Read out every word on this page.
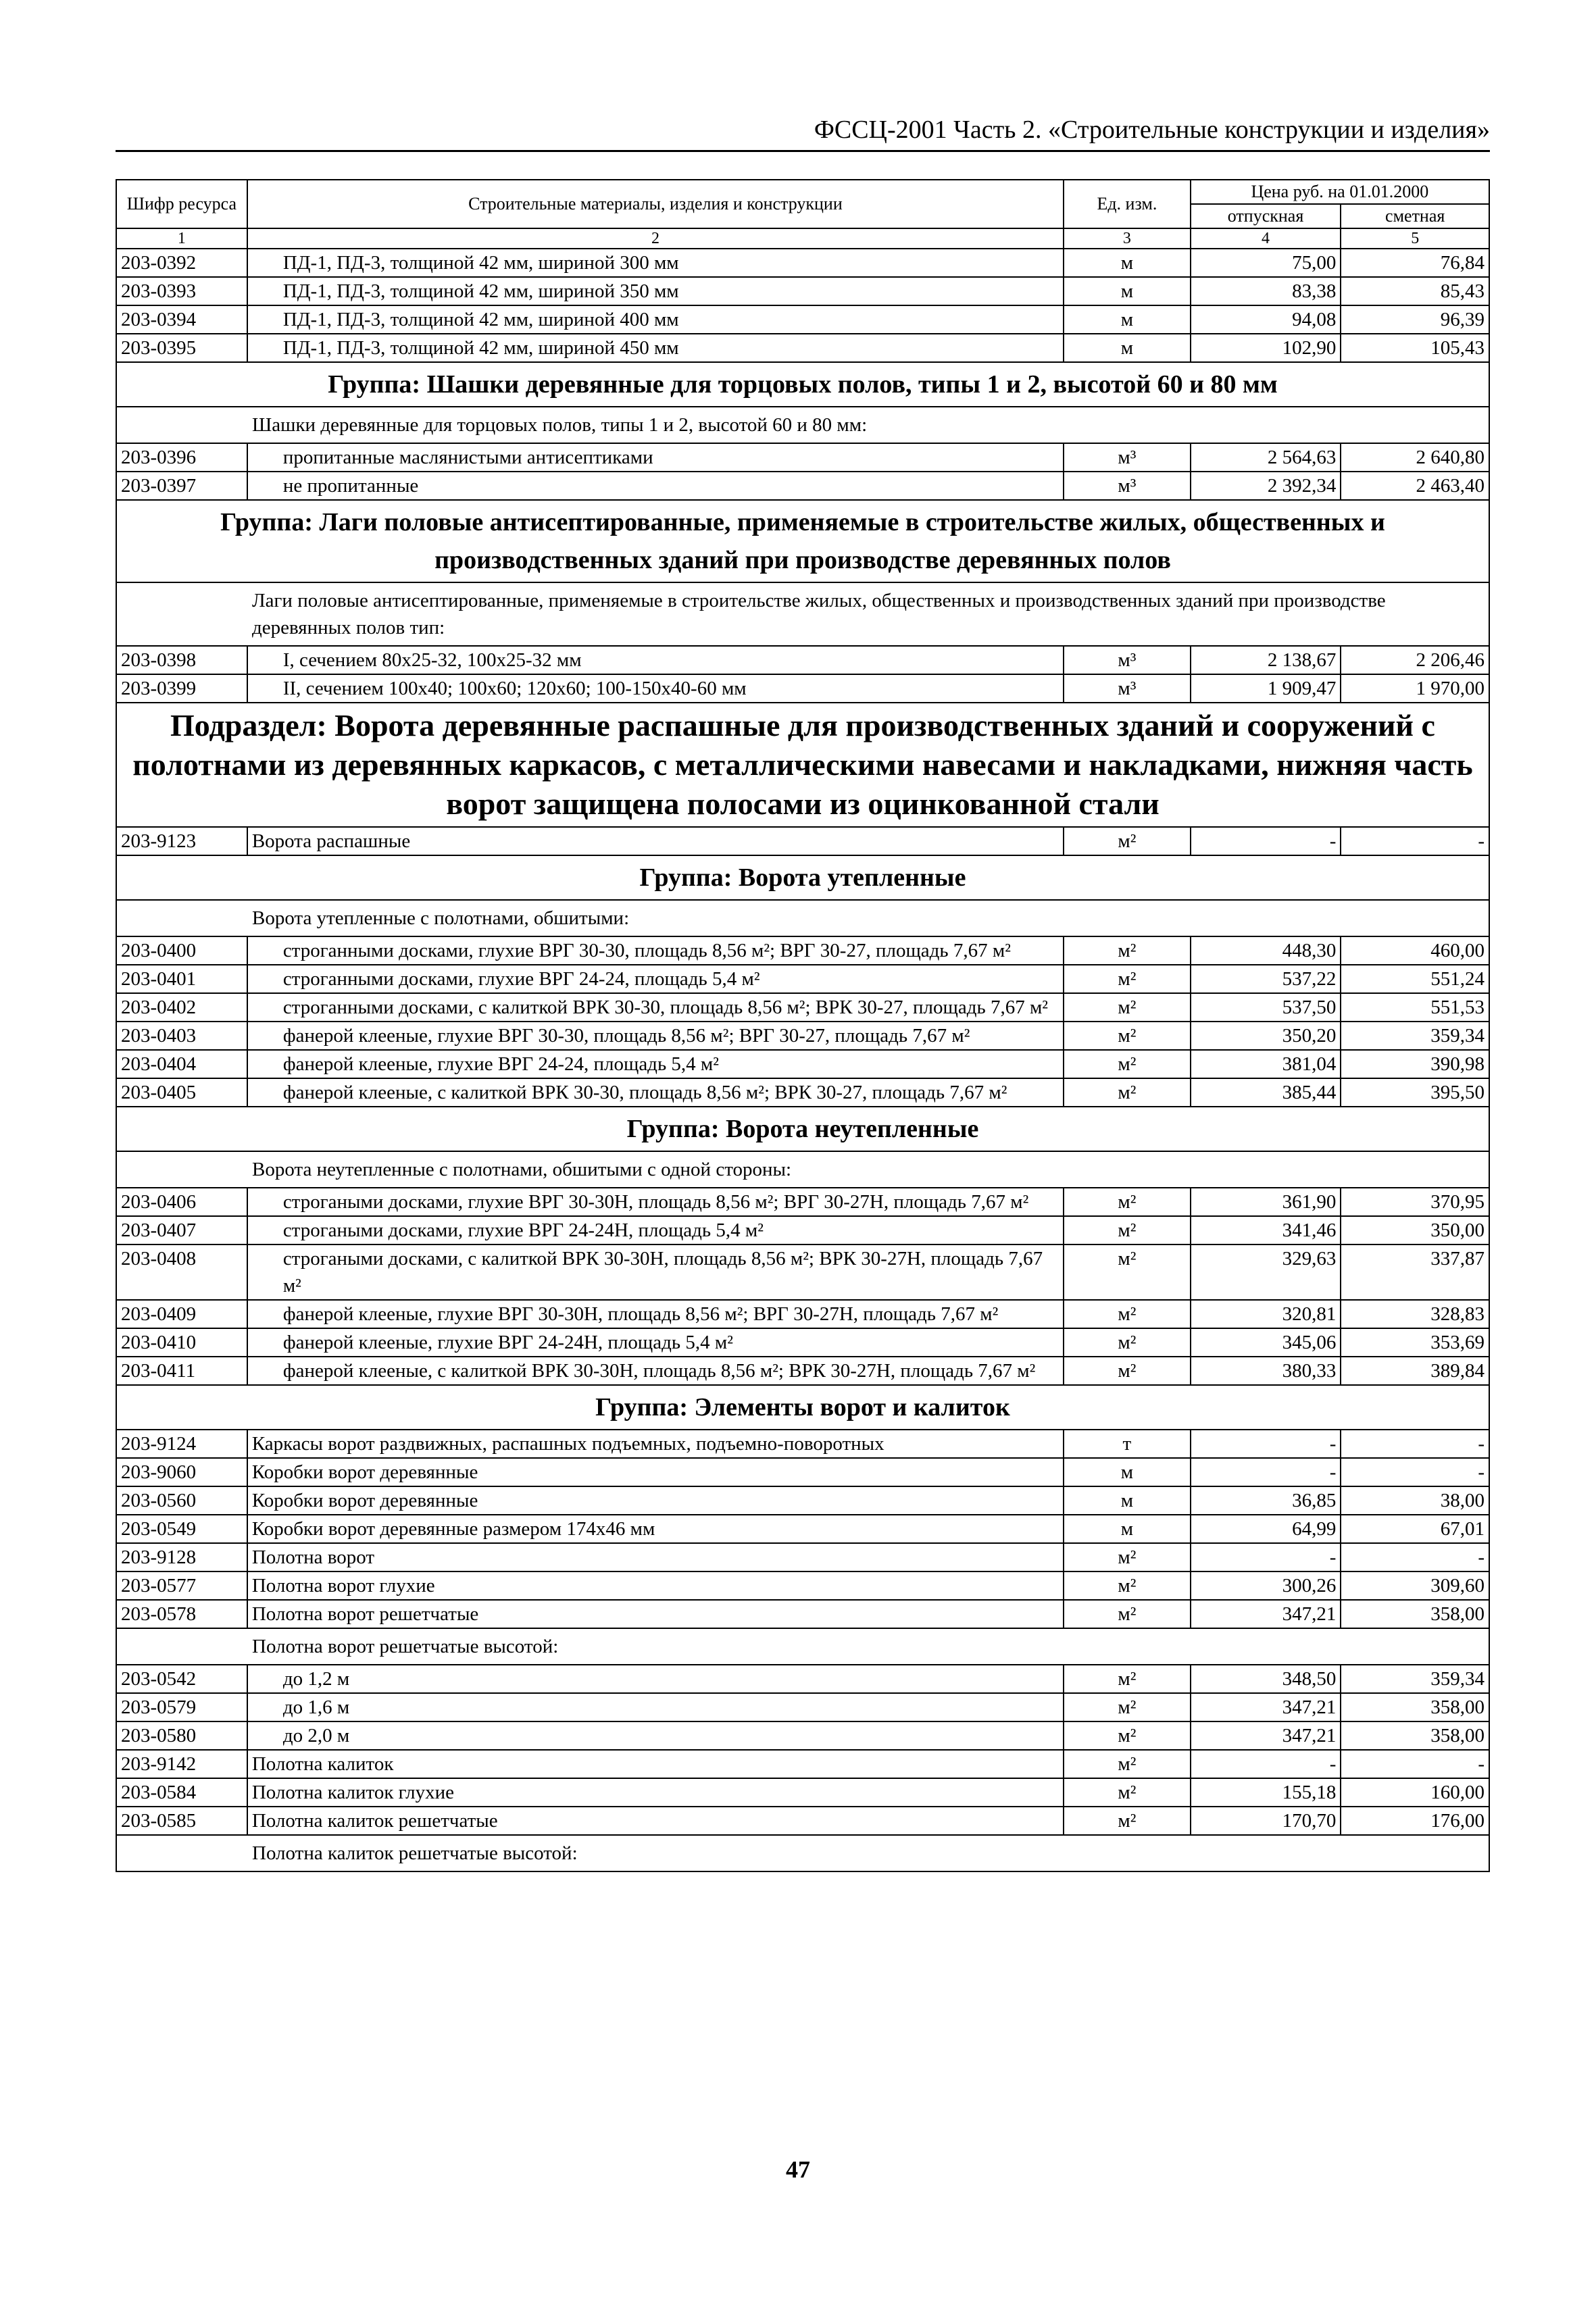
ФССЦ-2001 Часть 2. «Строительные конструкции и изделия»
Шифр ресурса	Строительные материалы, изделия и конструкции	Ед. изм.	Цена руб. на 01.01.2000	
			отпускная	сметная
1	2	3	4	5
203-0392	ПД-1, ПД-3, толщиной 42 мм, шириной 300 мм	м	75,00	76,84
203-0393	ПД-1, ПД-3, толщиной 42 мм, шириной 350 мм	м	83,38	85,43
203-0394	ПД-1, ПД-3, толщиной 42 мм, шириной 400 мм	м	94,08	96,39
203-0395	ПД-1, ПД-3, толщиной 42 мм, шириной 450 мм	м	102,90	105,43
Группа: Шашки деревянные для торцовых полов, типы 1 и 2, высотой 60 и 80 мм				
Шашки деревянные для торцовых полов, типы 1 и 2, высотой 60 и 80 мм:				
203-0396	пропитанные маслянистыми антисептиками	м³	2 564,63	2 640,80
203-0397	не пропитанные	м³	2 392,34	2 463,40
Группа: Лаги половые антисептированные, применяемые в строительстве жилых, общественных и производственных зданий при производстве деревянных полов				
Лаги половые антисептированные, применяемые в строительстве жилых, общественных и производственных зданий при производстве деревянных полов тип:				
203-0398	I, сечением 80x25-32, 100x25-32 мм	м³	2 138,67	2 206,46
203-0399	II, сечением 100x40; 100x60; 120x60; 100-150x40-60 мм	м³	1 909,47	1 970,00
Подраздел: Ворота деревянные распашные для производственных зданий и сооружений с полотнами из деревянных каркасов, с металлическими навесами и накладками, нижняя часть ворот защищена полосами из оцинкованной стали				
203-9123	Ворота распашные	м²	-	-
Группа: Ворота утепленные				
Ворота утепленные с полотнами, обшитыми:				
203-0400	строганными досками, глухие ВРГ 30-30, площадь 8,56 м²; ВРГ 30-27, площадь 7,67 м²	м²	448,30	460,00
203-0401	строганными досками, глухие ВРГ 24-24, площадь 5,4 м²	м²	537,22	551,24
203-0402	строганными досками, с калиткой ВРК 30-30, площадь 8,56 м²; ВРК 30-27, площадь 7,67 м²	м²	537,50	551,53
203-0403	фанерой клееные, глухие ВРГ 30-30, площадь 8,56 м²; ВРГ 30-27, площадь 7,67 м²	м²	350,20	359,34
203-0404	фанерой клееные, глухие ВРГ 24-24, площадь 5,4 м²	м²	381,04	390,98
203-0405	фанерой клееные, с калиткой ВРК 30-30, площадь 8,56 м²; ВРК 30-27, площадь 7,67 м²	м²	385,44	395,50
Группа: Ворота неутепленные				
Ворота неутепленные с полотнами, обшитыми с одной стороны:				
203-0406	строгаными досками, глухие ВРГ 30-30Н, площадь 8,56 м²; ВРГ 30-27Н, площадь 7,67 м²	м²	361,90	370,95
203-0407	строгаными досками, глухие ВРГ 24-24Н, площадь 5,4 м²	м²	341,46	350,00
203-0408	строгаными досками, с калиткой ВРК 30-30Н, площадь 8,56 м²; ВРК 30-27Н, площадь 7,67 м²	м²	329,63	337,87
203-0409	фанерой клееные, глухие ВРГ 30-30Н, площадь 8,56 м²; ВРГ 30-27Н, площадь 7,67 м²	м²	320,81	328,83
203-0410	фанерой клееные, глухие ВРГ 24-24Н, площадь 5,4 м²	м²	345,06	353,69
203-0411	фанерой клееные, с калиткой ВРК 30-30Н, площадь 8,56 м²; ВРК 30-27Н, площадь 7,67 м²	м²	380,33	389,84
Группа: Элементы ворот и калиток				
203-9124	Каркасы ворот раздвижных, распашных подъемных, подъемно-поворотных	т	-	-
203-9060	Коробки ворот деревянные	м	-	-
203-0560	Коробки ворот деревянные	м	36,85	38,00
203-0549	Коробки ворот деревянные размером 174x46 мм	м	64,99	67,01
203-9128	Полотна ворот	м²	-	-
203-0577	Полотна ворот глухие	м²	300,26	309,60
203-0578	Полотна ворот решетчатые	м²	347,21	358,00
Полотна ворот решетчатые высотой:				
203-0542	до 1,2 м	м²	348,50	359,34
203-0579	до 1,6 м	м²	347,21	358,00
203-0580	до 2,0 м	м²	347,21	358,00
203-9142	Полотна калиток	м²	-	-
203-0584	Полотна калиток глухие	м²	155,18	160,00
203-0585	Полотна калиток решетчатые	м²	170,70	176,00
Полотна калиток решетчатые высотой:				
47
